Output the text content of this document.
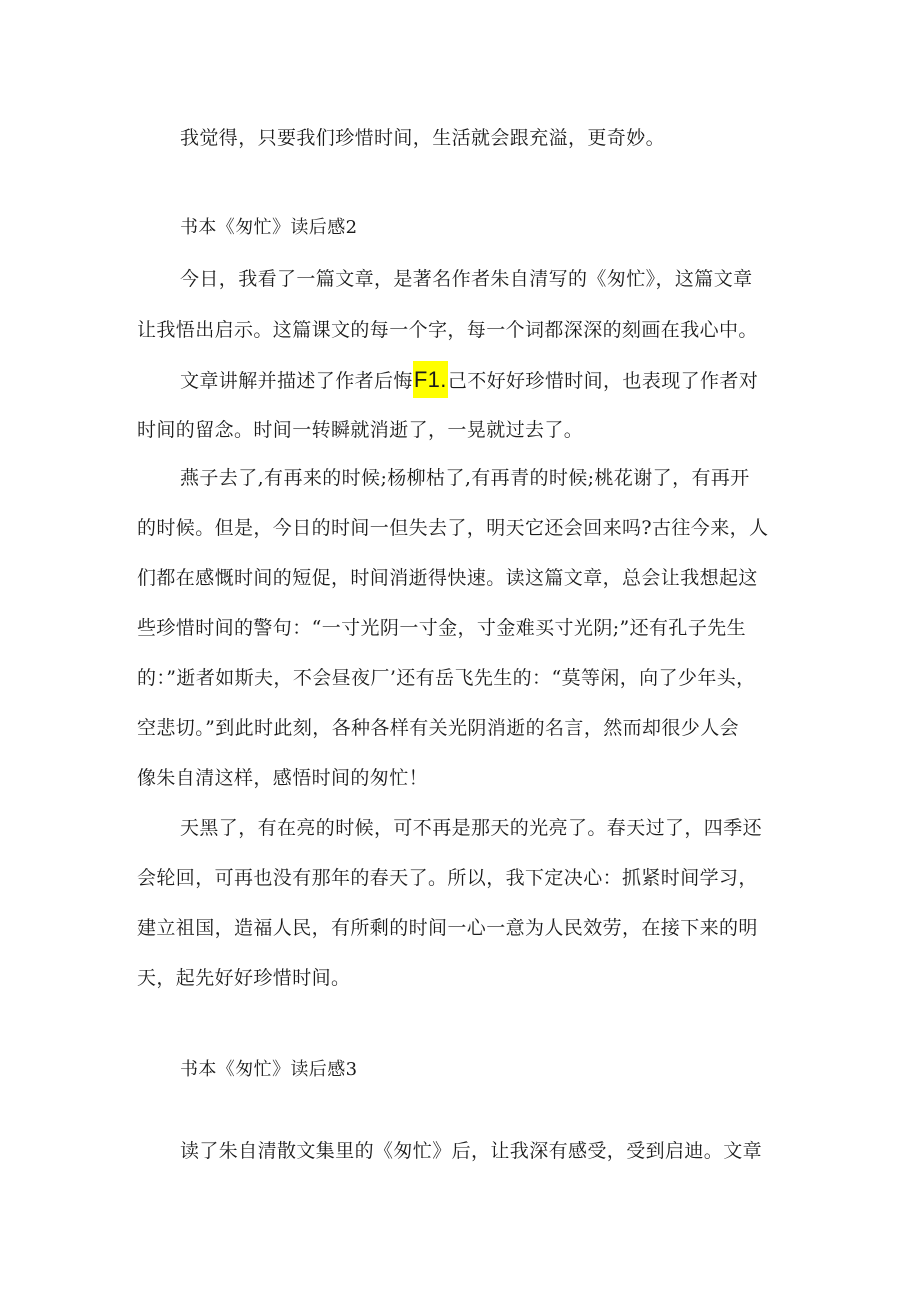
我觉得，只要我们珍惜时间，生活就会跟充溢，更奇妙。
书本《匆忙》读后感2
今日，我看了一篇文章，是著名作者朱自清写的《匆忙》，这篇文章
让我悟出启示。这篇课文的每一个字，每一个词都深深的刻画在我心中。
文章讲解并描述了作者后悔F1.己不好好珍惜时间，也表现了作者对
时间的留念。时间一转瞬就消逝了，一晃就过去了。
燕子去了,有再来的时候;杨柳枯了,有再青的时候;桃花谢了，有再开
的时候。但是，今日的时间一但失去了，明天它还会回来吗?古往今来，人
们都在感慨时间的短促，时间消逝得快速。读这篇文章，总会让我想起这
些珍惜时间的警句：“一寸光阴一寸金，寸金难买寸光阴;”还有孔子先生
的：”逝者如斯夫，不会昼夜厂’还有岳飞先生的：“莫等闲，向了少年头，
空悲切。”到此时此刻，各种各样有关光阴消逝的名言，然而却很少人会
像朱自清这样，感悟时间的匆忙！
天黑了，有在亮的时候，可不再是那天的光亮了。春天过了，四季还
会轮回，可再也没有那年的春天了。所以，我下定决心：抓紧时间学习，
建立祖国，造福人民，有所剩的时间一心一意为人民效劳，在接下来的明
天，起先好好珍惜时间。
书本《匆忙》读后感3
读了朱自清散文集里的《匆忙》后，让我深有感受，受到启迪。文章
